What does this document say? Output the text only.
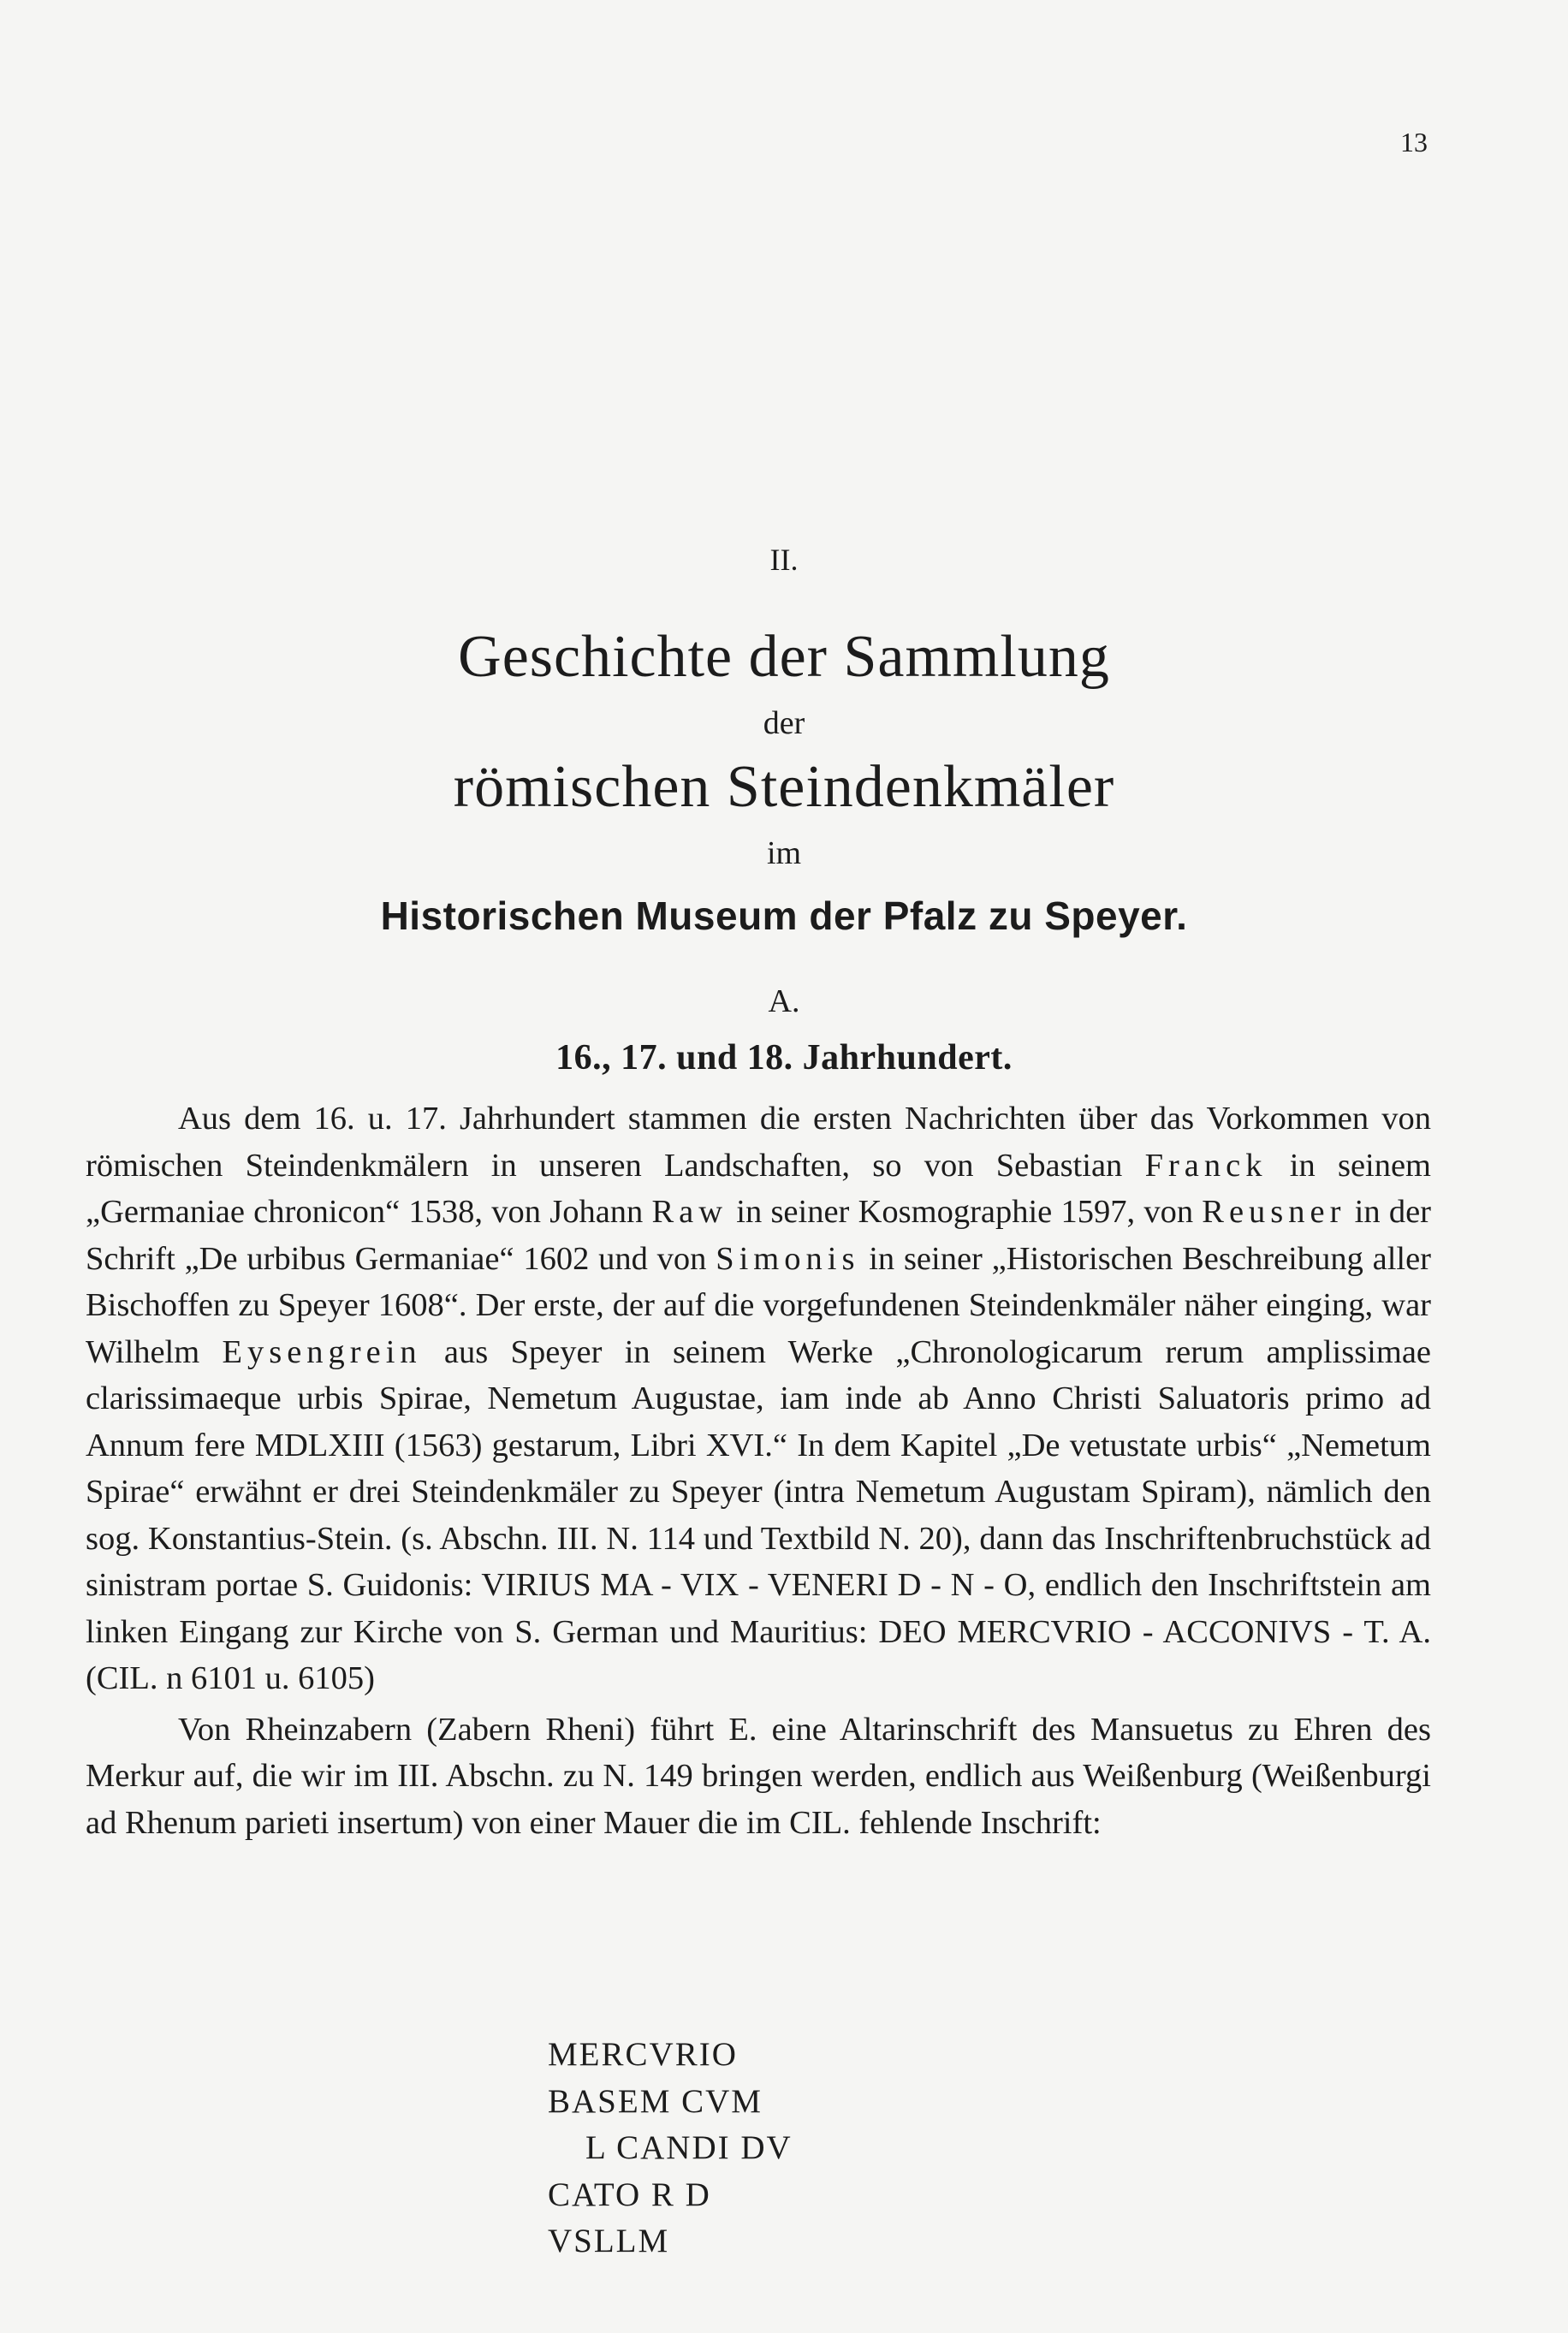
13
II.
Geschichte der Sammlung
der
römischen Steindenkmäler
im
Historischen Museum der Pfalz zu Speyer.
A.
16., 17. und 18. Jahrhundert.

Aus dem 16. u. 17. Jahrhundert stammen die ersten Nachrichten über das Vorkommen von römischen Steindenkmälern in unseren Landschaften, so von Sebastian Franck in seinem „Germaniae chronicon“ 1538, von Johann Raw in seiner Kosmographie 1597, von Reusner in der Schrift „De urbibus Germaniae“ 1602 und von Simonis in seiner „Historischen Beschreibung aller Bischoffen zu Speyer 1608“. Der erste, der auf die vorgefundenen Steindenkmäler näher einging, war Wilhelm Eysengrein aus Speyer in seinem Werke „Chronologicarum rerum amplissimae clarissimaeque urbis Spirae, Nemetum Augustae, iam inde ab Anno Christi Saluatoris primo ad Annum fere MDLXIII (1563) gestarum, Libri XVI.“ In dem Kapitel „De vetustate urbis“ „Nemetum Spirae“ erwähnt er drei Steindenkmäler zu Speyer (intra Nemetum Augustam Spiram), nämlich den sog. Konstantius-Stein. (s. Abschn. III. N. 114 und Textbild N. 20), dann das Inschriftenbruchstück ad sinistram portae S. Guidonis: VIRIUS MA - VIX - VENERI D - N - O, endlich den Inschriftstein am linken Eingang zur Kirche von S. German und Mauritius: DEO MERCVRIO - ACCONIVS - T. A. (CIL. n 6101 u. 6105)

Von Rheinzabern (Zabern Rheni) führt E. eine Altarinschrift des Mansuetus zu Ehren des Merkur auf, die wir im III. Abschn. zu N. 149 bringen werden, endlich aus Weißenburg (Weißenburgi ad Rhenum parieti insertum) von einer Mauer die im CIL. fehlende Inschrift:

MERCVRIO
BASEM CVM
L CANDI DV
CATO R D
VSLLM
